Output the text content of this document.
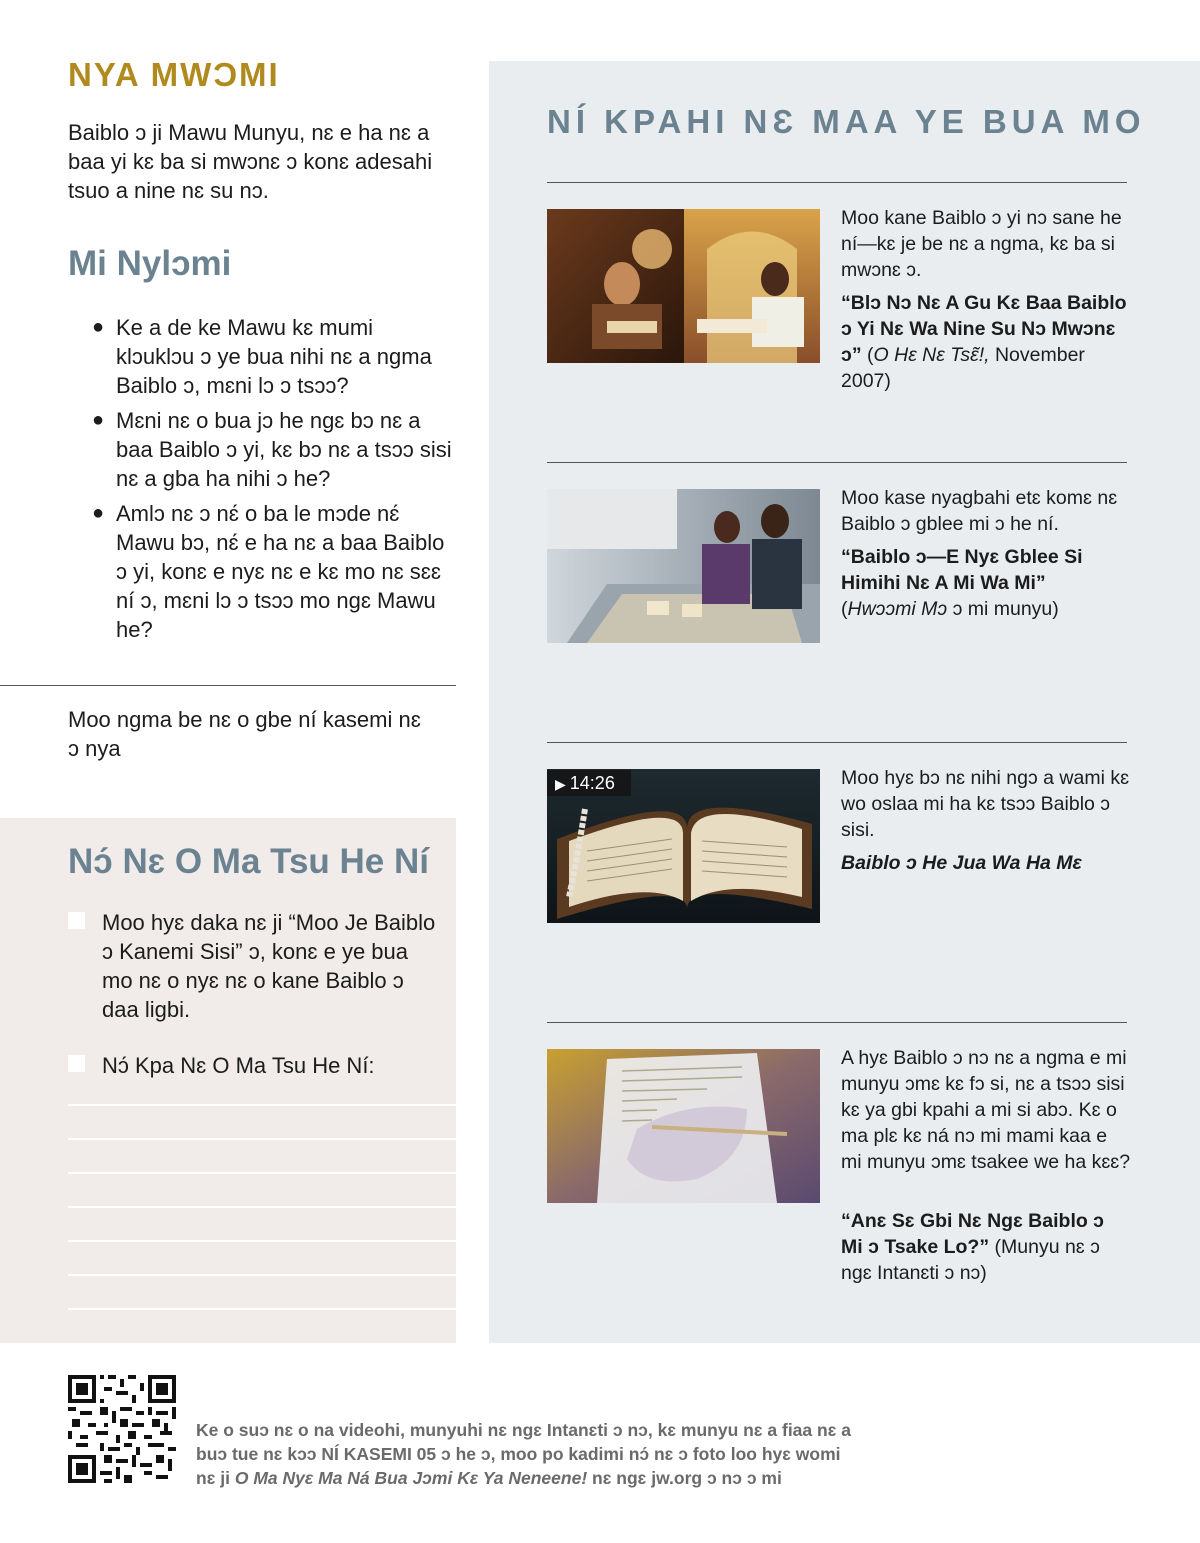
NYA MWƆMI

Baiblo ɔ ji Mawu Munyu, nɛ e ha nɛ a baa yi kɛ ba si mwɔnɛ ɔ konɛ adesahi tsuo a nine nɛ su nɔ.

Mi Nylɔmi
● Ke a de ke Mawu kɛ mumi klɔuklɔu ɔ ye bua nihi nɛ a ngma Baiblo ɔ, mɛni lɔ ɔ tsɔɔ?
● Mɛni nɛ o bua jɔ he ngɛ bɔ nɛ a baa Baiblo ɔ yi, kɛ bɔ nɛ a tsɔɔ sisi nɛ a gba ha nihi ɔ he?
● Amlɔ nɛ ɔ nɛ́ o ba le mɔde nɛ́ Mawu bɔ, nɛ́ e ha nɛ a baa Baiblo ɔ yi, konɛ e nyɛ nɛ e kɛ mo nɛ sɛɛ ní ɔ, mɛni lɔ ɔ tsɔɔ mo ngɛ Mawu he?

Moo ngma be nɛ o gbe ní kasemi nɛ ɔ nya

Nɔ́ Nɛ O Ma Tsu He Ní
Moo hyɛ daka nɛ ji “Moo Je Baiblo ɔ Kanemi Sisi” ɔ, konɛ e ye bua mo nɛ o nyɛ nɛ o kane Baiblo ɔ daa ligbi.
Nɔ́ Kpa Nɛ O Ma Tsu He Ní:
NÍ KPAHI NƐ MAA YE BUA MO

Moo kane Baiblo ɔ yi nɔ sane he ní—kɛ je be nɛ a ngma, kɛ ba si mwɔnɛ ɔ.

“Blɔ Nɔ Nɛ A Gu Kɛ Baa Baiblo ɔ Yi Nɛ Wa Nine Su Nɔ Mwɔnɛ ɔ” (O Hɛ Nɛ Tsɛ̃!, November 2007)

Moo kase nyagbahi etɛ komɛ nɛ Baiblo ɔ gblee mi ɔ he ní.

“Baiblo ɔ—E Nyɛ Gblee Si Himihi Nɛ A Mi Wa Mi”
(Hwɔɔmi Mɔ ɔ mi munyu)

▶ 14:26	Moo hyɛ bɔ nɛ nihi ngɔ a wami kɛ wo oslaa mi ha kɛ tsɔɔ Baiblo ɔ sisi.

Baiblo ɔ He Jua Wa Ha Mɛ

A hyɛ Baiblo ɔ nɔ nɛ a ngma e mi munyu ɔmɛ kɛ fɔ si, nɛ a tsɔɔ sisi kɛ ya gbi kpahi a mi si abɔ. Kɛ o ma plɛ kɛ ná nɔ mi mami kaa e mi munyu ɔmɛ tsakee we ha kɛɛ?

“Anɛ Sɛ Gbi Nɛ Ngɛ Baiblo ɔ Mi ɔ Tsake Lo?” (Munyu nɛ ɔ ngɛ Intanɛti ɔ nɔ)

Ke o suɔ nɛ o na videohi, munyuhi nɛ ngɛ Intanɛti ɔ nɔ, kɛ munyu nɛ a fiaa nɛ a buɔ tue nɛ kɔɔ NÍ KASEMI 05 ɔ he ɔ, moo po kadimi nɔ́ nɛ ɔ foto loo hyɛ womi nɛ ji O Ma Nyɛ Ma Ná Bua Jɔmi Kɛ Ya Neneene! nɛ ngɛ jw.org ɔ nɔ ɔ mi
